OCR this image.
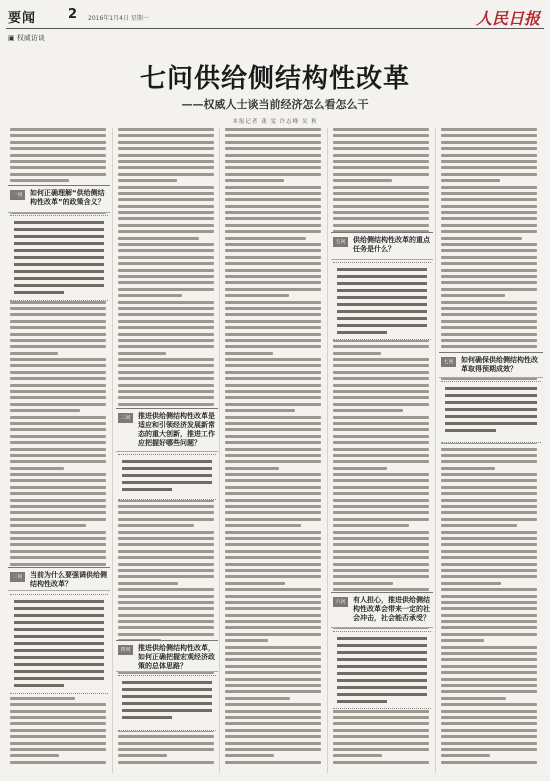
要闻 2 2016年1月4日 星期一	人民日报
▣ 权威访谈
七问供给侧结构性改革
——权威人士谈当前经济怎么看怎么干
本报记者 龚 雯 许志峰 吴 秋
一问	如何正确理解“供给侧结构性改革”的政策含义？
二问	当前为什么要强调供给侧结构性改革？
三问	推进供给侧结构性改革是适应和引领经济发展新常态的重大创新，推进工作应把握好哪些问题？
四问	推进供给侧结构性改革，如何正确把握宏观经济政策的总体思路？
五问	供给侧结构性改革的重点任务是什么？
六问	有人担心，推进供给侧结构性改革会带来一定的社会冲击，社会能否承受？
七问	如何确保供给侧结构性改革取得预期成效？
